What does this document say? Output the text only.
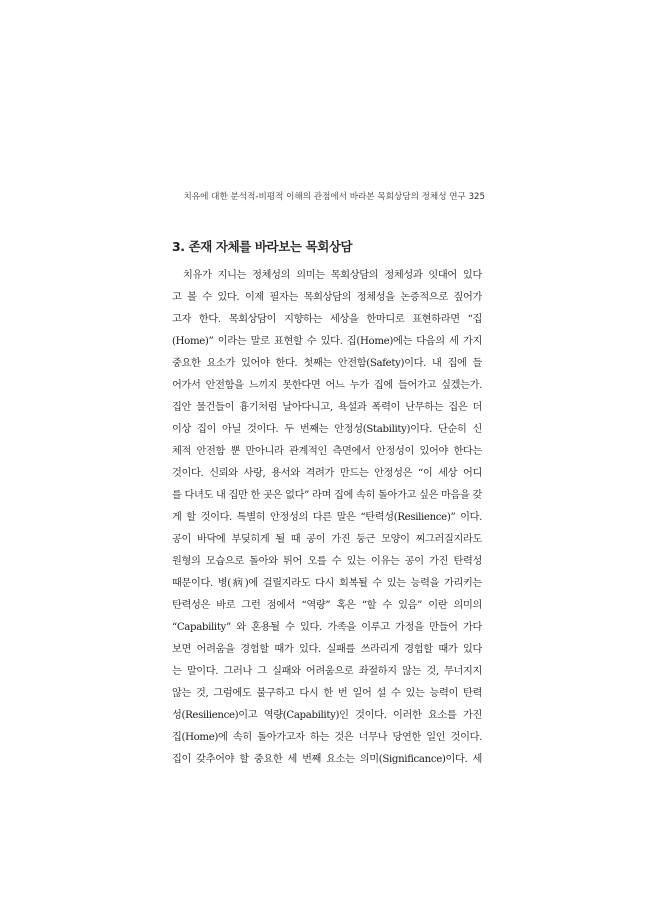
치유에 대한 분석적-비평적 이해의 관점에서 바라본 목회상담의 정체성 연구 325
3. 존재 자체를 바라보는 목회상담
치유가 지니는 정체성의 의미는 목회상담의 정체성과 잇대어 있다
고 볼 수 있다. 이제 필자는 목회상담의 정체성을 논증적으로 짚어가
고자 한다. 목회상담이 지향하는 세상을 한마디로 표현하라면 “집
(Home)” 이라는 말로 표현할 수 있다. 집(Home)에는 다음의 세 가지
중요한 요소가 있어야 한다. 첫째는 안전함(Safety)이다. 내 집에 들
어가서 안전함을 느끼지 못한다면 어느 누가 집에 들어가고 싶겠는가.
집안 물건들이 흉기처럼 날아다니고, 욕설과 폭력이 난무하는 집은 더
이상 집이 아닐 것이다. 두 번째는 안정성(Stability)이다. 단순히 신
체적 안전함 뿐 만아니라 관계적인 측면에서 안정성이 있어야 한다는
것이다. 신뢰와 사랑, 용서와 격려가 만드는 안정성은 “이 세상 어디
를 다녀도 내 집만 한 곳은 없다” 라며 집에 속히 돌아가고 싶은 마음을 갖
게 할 것이다. 특별히 안정성의 다른 말은 “탄력성(Resilience)” 이다.
공이 바닥에 부딪히게 될 때 공이 가진 둥근 모양이 찌그러질지라도
원형의 모습으로 돌아와 튀어 오를 수 있는 이유는 공이 가진 탄력성
때문이다. 병(病)에 걸릴지라도 다시 회복될 수 있는 능력을 가리키는
탄력성은 바로 그런 점에서 “역량” 혹은 “할 수 있음” 이란 의미의
“Capability” 와 혼용될 수 있다. 가족을 이루고 가정을 만들어 가다
보면 어려움을 경험할 때가 있다. 실패를 쓰라리게 경험할 때가 있다
는 말이다. 그러나 그 실패와 어려움으로 좌절하지 않는 것, 무너지지
않는 것, 그럼에도 불구하고 다시 한 번 일어 설 수 있는 능력이 탄력
성(Resilience)이고 역량(Capability)인 것이다. 이러한 요소를 가진
집(Home)에 속히 돌아가고자 하는 것은 너무나 당연한 일인 것이다.
집이 갖추어야 할 중요한 세 번째 요소는 의미(Significance)이다. 세
